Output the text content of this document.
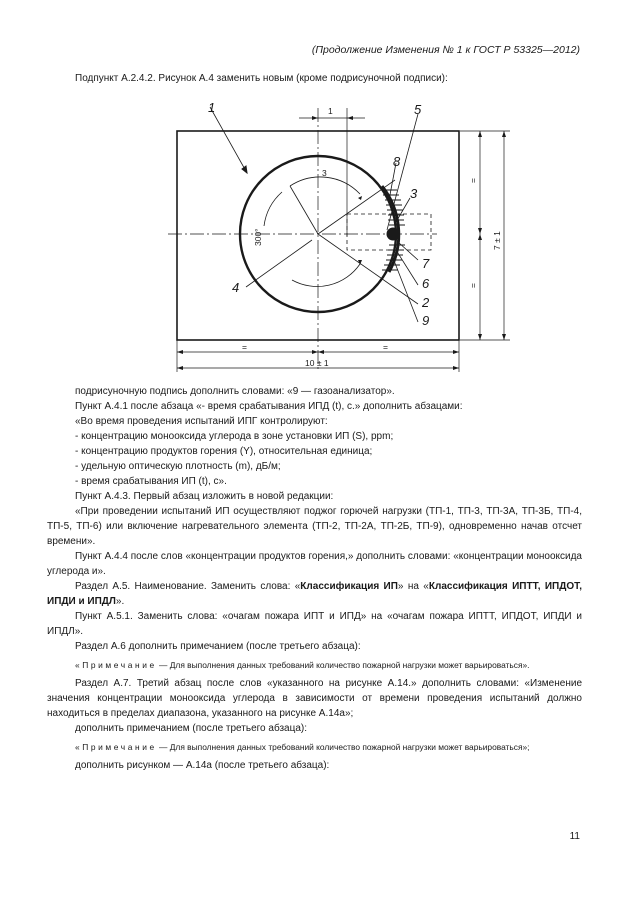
(Продолжение Изменения № 1 к ГОСТ Р 53325—2012)
Подпункт А.2.4.2. Рисунок А.4 заменить новым (кроме подрисуночной подписи):
1	5
8
3
7
6
2
9
4
3
300°
1
=	=
10 ± 1
=
=
7 ± 1

подрисуночную подпись дополнить словами: «9 — газоанализатор».

Пункт А.4.1 после абзаца «- время срабатывания ИПД (t), с.» дополнить абзацами:

«Во время проведения испытаний ИПГ контролируют:

- концентрацию монооксида углерода в зоне установки ИП (S), ppm;

- концентрацию продуктов горения (Y), относительная единица;

- удельную оптическую плотность (m), дБ/м;

- время срабатывания ИП (t), с».

Пункт А.4.3. Первый абзац изложить в новой редакции:

«При проведении испытаний ИП осуществляют поджог горючей нагрузки (ТП-1, ТП-3, ТП-3А, ТП-3Б, ТП-4, ТП-5, ТП-6) или включение нагревательного элемента (ТП-2, ТП-2А, ТП-2Б, ТП-9), одновременно начав отсчет времени».

Пункт А.4.4 после слов «концентрации продуктов горения,» дополнить словами: «концентрации монооксида углерода и».

Раздел А.5. Наименование. Заменить слова: «Классификация ИП» на «Классификация ИПТТ, ИПДОТ, ИПДИ и ИПДЛ».

Пункт А.5.1. Заменить слова: «очагам пожара ИПТ и ИПД» на «очагам пожара ИПТТ, ИПДОТ, ИПДИ и ИПДЛ».

Раздел А.6 дополнить примечанием (после третьего абзаца):

«Примечание — Для выполнения данных требований количество пожарной нагрузки может варьироваться».

Раздел А.7. Третий абзац после слов «указанного на рисунке А.14.» дополнить словами: «Изменение значения концентрации монооксида углерода в зависимости от времени проведения испытаний должно находиться в пределах диапазона, указанного на рисунке А.14а»;

дополнить примечанием (после третьего абзаца):

«Примечание — Для выполнения данных требований количество пожарной нагрузки может варьироваться»;

дополнить рисунком — А.14а (после третьего абзаца):

11
